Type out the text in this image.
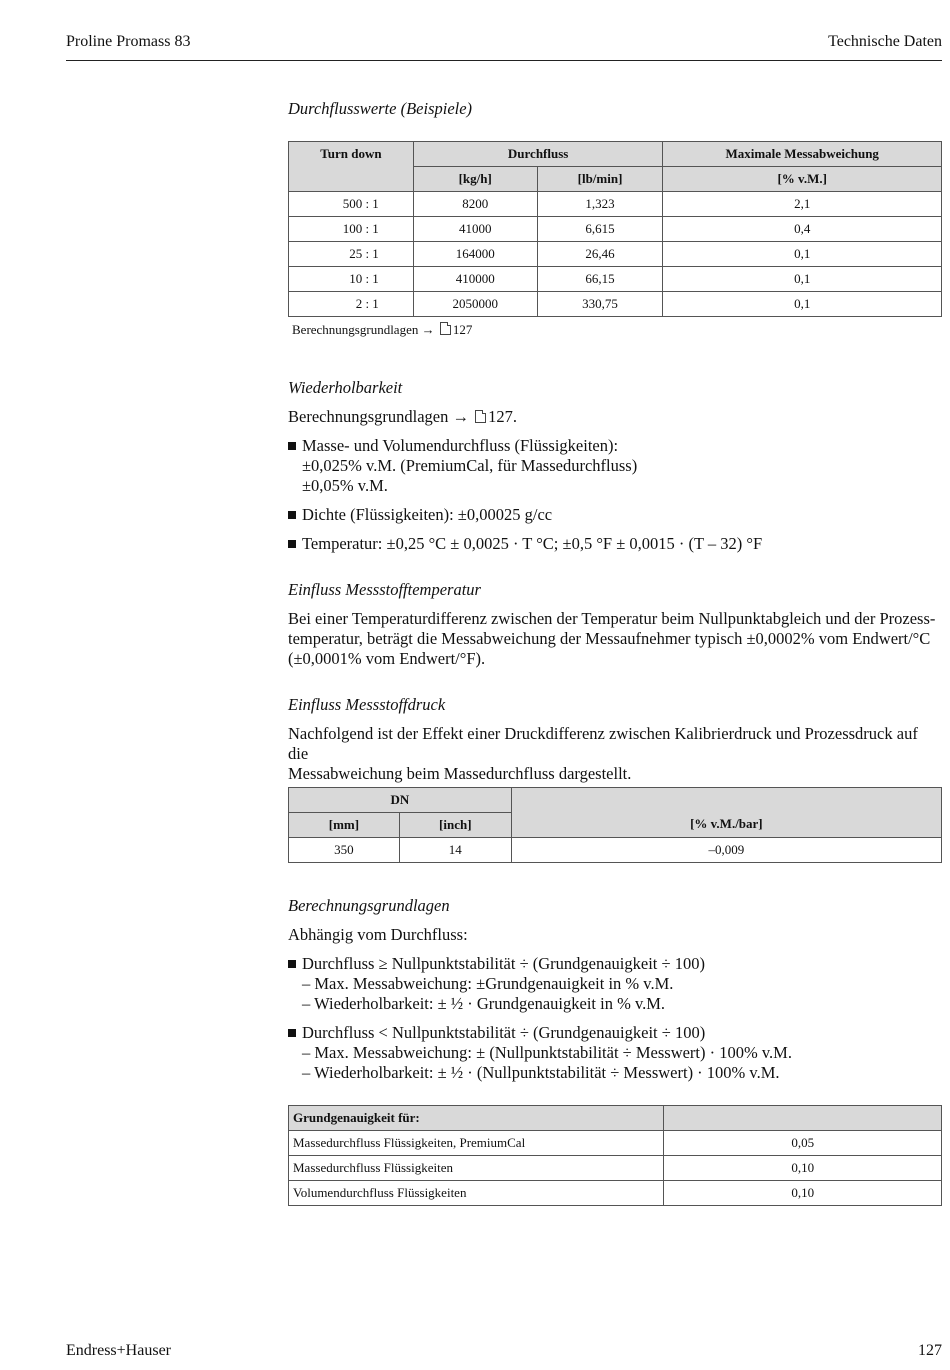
Proline Promass 83	Technische Daten
Durchflusswerte (Beispiele)
Turn down	Durchfluss		Maximale Messabweichung
	[kg/h]	[lb/min]	[% v.M.]
500 : 1	8200	1,323	2,1
100 : 1	41000	6,615	0,4
25 : 1	164000	26,46	0,1
10 : 1	410000	66,15	0,1
2 : 1	2050000	330,75	0,1
Berechnungsgrundlagen → 127
Wiederholbarkeit
Berechnungsgrundlagen → 127.
Masse- und Volumendurchfluss (Flüssigkeiten):
±0,025% v.M. (PremiumCal, für Massedurchfluss)
±0,05% v.M.
Dichte (Flüssigkeiten): ±0,00025 g/cc
Temperatur: ±0,25 °C ± 0,0025 · T °C; ±0,5 °F ± 0,0015 · (T – 32) °F
Einfluss Messstofftemperatur
Bei einer Temperaturdifferenz zwischen der Temperatur beim Nullpunktabgleich und der Prozess-
temperatur, beträgt die Messabweichung der Messaufnehmer typisch ±0,0002% vom Endwert/°C
(±0,0001% vom Endwert/°F).
Einfluss Messstoffdruck
Nachfolgend ist der Effekt einer Druckdifferenz zwischen Kalibrierdruck und Prozessdruck auf die
Messabweichung beim Massedurchfluss dargestellt.
DN		[% v.M./bar]
[mm]	[inch]	
350	14	–0,009
Berechnungsgrundlagen
Abhängig vom Durchfluss:
Durchfluss ≥ Nullpunktstabilität ÷ (Grundgenauigkeit ÷ 100)
– Max. Messabweichung: ±Grundgenauigkeit in % v.M.
– Wiederholbarkeit: ± ½ · Grundgenauigkeit in % v.M.
Durchfluss < Nullpunktstabilität ÷ (Grundgenauigkeit ÷ 100)
– Max. Messabweichung: ± (Nullpunktstabilität ÷ Messwert) · 100% v.M.
– Wiederholbarkeit: ± ½ · (Nullpunktstabilität ÷ Messwert) · 100% v.M.
Grundgenauigkeit für:	
Massedurchfluss Flüssigkeiten, PremiumCal	0,05
Massedurchfluss Flüssigkeiten	0,10
Volumendurchfluss Flüssigkeiten	0,10
Endress+Hauser	127
